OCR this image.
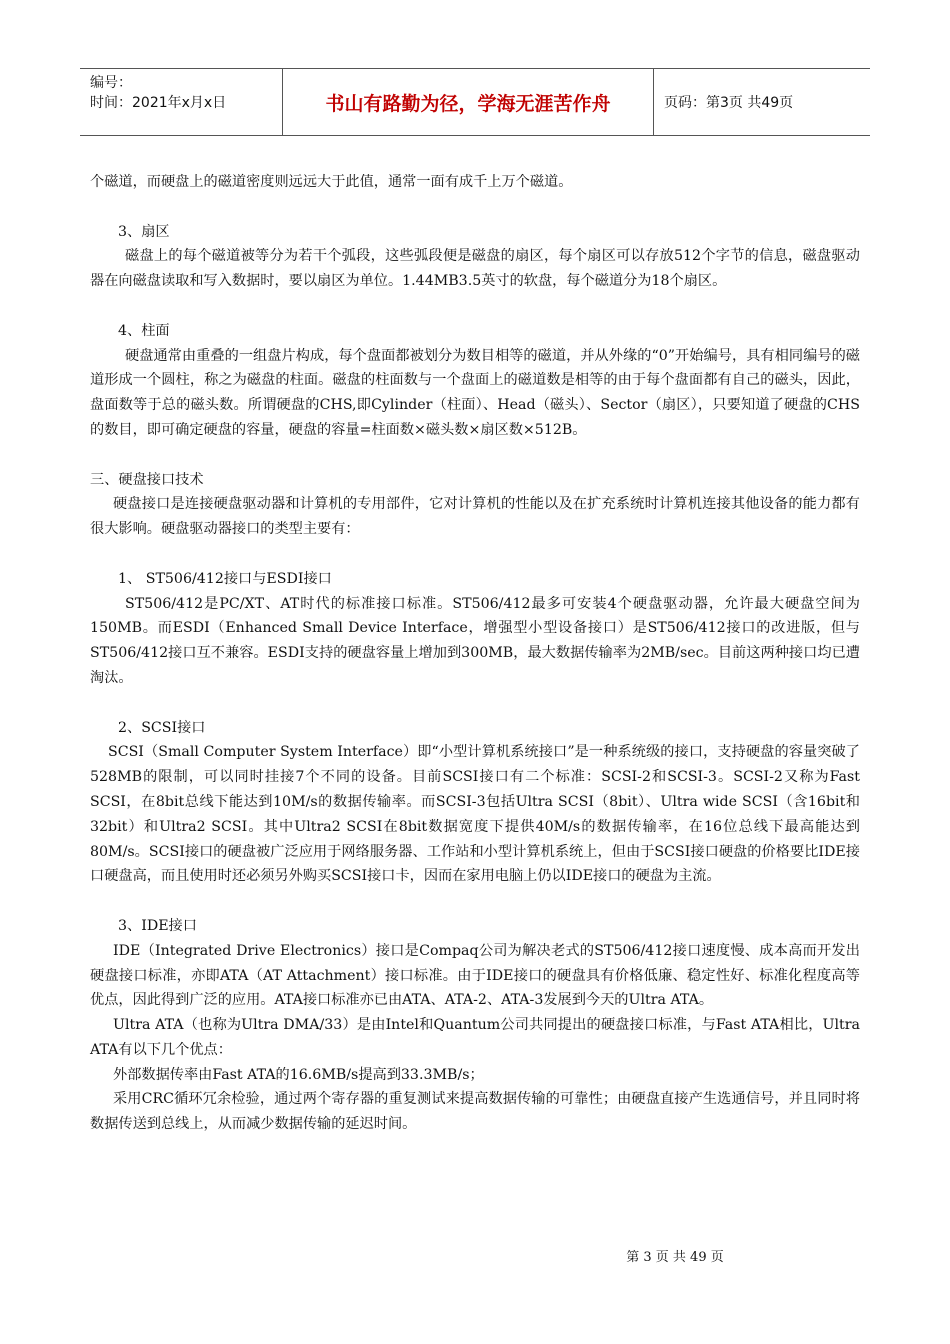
编号：
时间：2021年x月x日	书山有路勤为径，学海无涯苦作舟	页码：第3页 共49页

个磁道，而硬盘上的磁道密度则远远大于此值，通常一面有成千上万个磁道。

3、扇区

磁盘上的每个磁道被等分为若干个弧段，这些弧段便是磁盘的扇区，每个扇区可以存放512个字节的信息，磁盘驱动器在向磁盘读取和写入数据时，要以扇区为单位。1.44MB3.5英寸的软盘，每个磁道分为18个扇区。

4、柱面

硬盘通常由重叠的一组盘片构成，每个盘面都被划分为数目相等的磁道，并从外缘的“0”开始编号，具有相同编号的磁道形成一个圆柱，称之为磁盘的柱面。磁盘的柱面数与一个盘面上的磁道数是相等的由于每个盘面都有自己的磁头，因此，盘面数等于总的磁头数。所谓硬盘的CHS,即Cylinder（柱面）、Head（磁头）、Sector（扇区），只要知道了硬盘的CHS的数目，即可确定硬盘的容量，硬盘的容量=柱面数×磁头数×扇区数×512B。

三、硬盘接口技术

硬盘接口是连接硬盘驱动器和计算机的专用部件，它对计算机的性能以及在扩充系统时计算机连接其他设备的能力都有很大影响。硬盘驱动器接口的类型主要有：

1、 ST506/412接口与ESDI接口

ST506/412是PC/XT、AT时代的标准接口标准。ST506/412最多可安装4个硬盘驱动器，允许最大硬盘空间为150MB。而ESDI（Enhanced Small Device Interface，增强型小型设备接口）是ST506/412接口的改进版，但与ST506/412接口互不兼容。ESDI支持的硬盘容量上增加到300MB，最大数据传输率为2MB/sec。目前这两种接口均已遭淘汰。

2、SCSI接口

SCSI（Small Computer System Interface）即“小型计算机系统接口”是一种系统级的接口，支持硬盘的容量突破了528MB的限制，可以同时挂接7个不同的设备。目前SCSI接口有二个标准：SCSI-2和SCSI-3。SCSI-2又称为Fast SCSI，在8bit总线下能达到10M/s的数据传输率。而SCSI-3包括Ultra SCSI（8bit）、Ultra wide SCSI（含16bit和32bit）和Ultra2 SCSI。其中Ultra2 SCSI在8bit数据宽度下提供40M/s的数据传输率，在16位总线下最高能达到80M/s。SCSI接口的硬盘被广泛应用于网络服务器、工作站和小型计算机系统上，但由于SCSI接口硬盘的价格要比IDE接口硬盘高，而且使用时还必须另外购买SCSI接口卡，因而在家用电脑上仍以IDE接口的硬盘为主流。

3、IDE接口

IDE（Integrated Drive Electronics）接口是Compaq公司为解决老式的ST506/412接口速度慢、成本高而开发出硬盘接口标准，亦即ATA（AT Attachment）接口标准。由于IDE接口的硬盘具有价格低廉、稳定性好、标准化程度高等优点，因此得到广泛的应用。ATA接口标准亦已由ATA、ATA-2、ATA-3发展到今天的Ultra ATA。

Ultra ATA（也称为Ultra DMA/33）是由Intel和Quantum公司共同提出的硬盘接口标准，与Fast ATA相比，Ultra ATA有以下几个优点：

外部数据传率由Fast ATA的16.6MB/s提高到33.3MB/s；

采用CRC循环冗余检验，通过两个寄存器的重复测试来提高数据传输的可靠性；由硬盘直接产生选通信号，并且同时将数据传送到总线上，从而减少数据传输的延迟时间。

第 3 页 共 49 页
